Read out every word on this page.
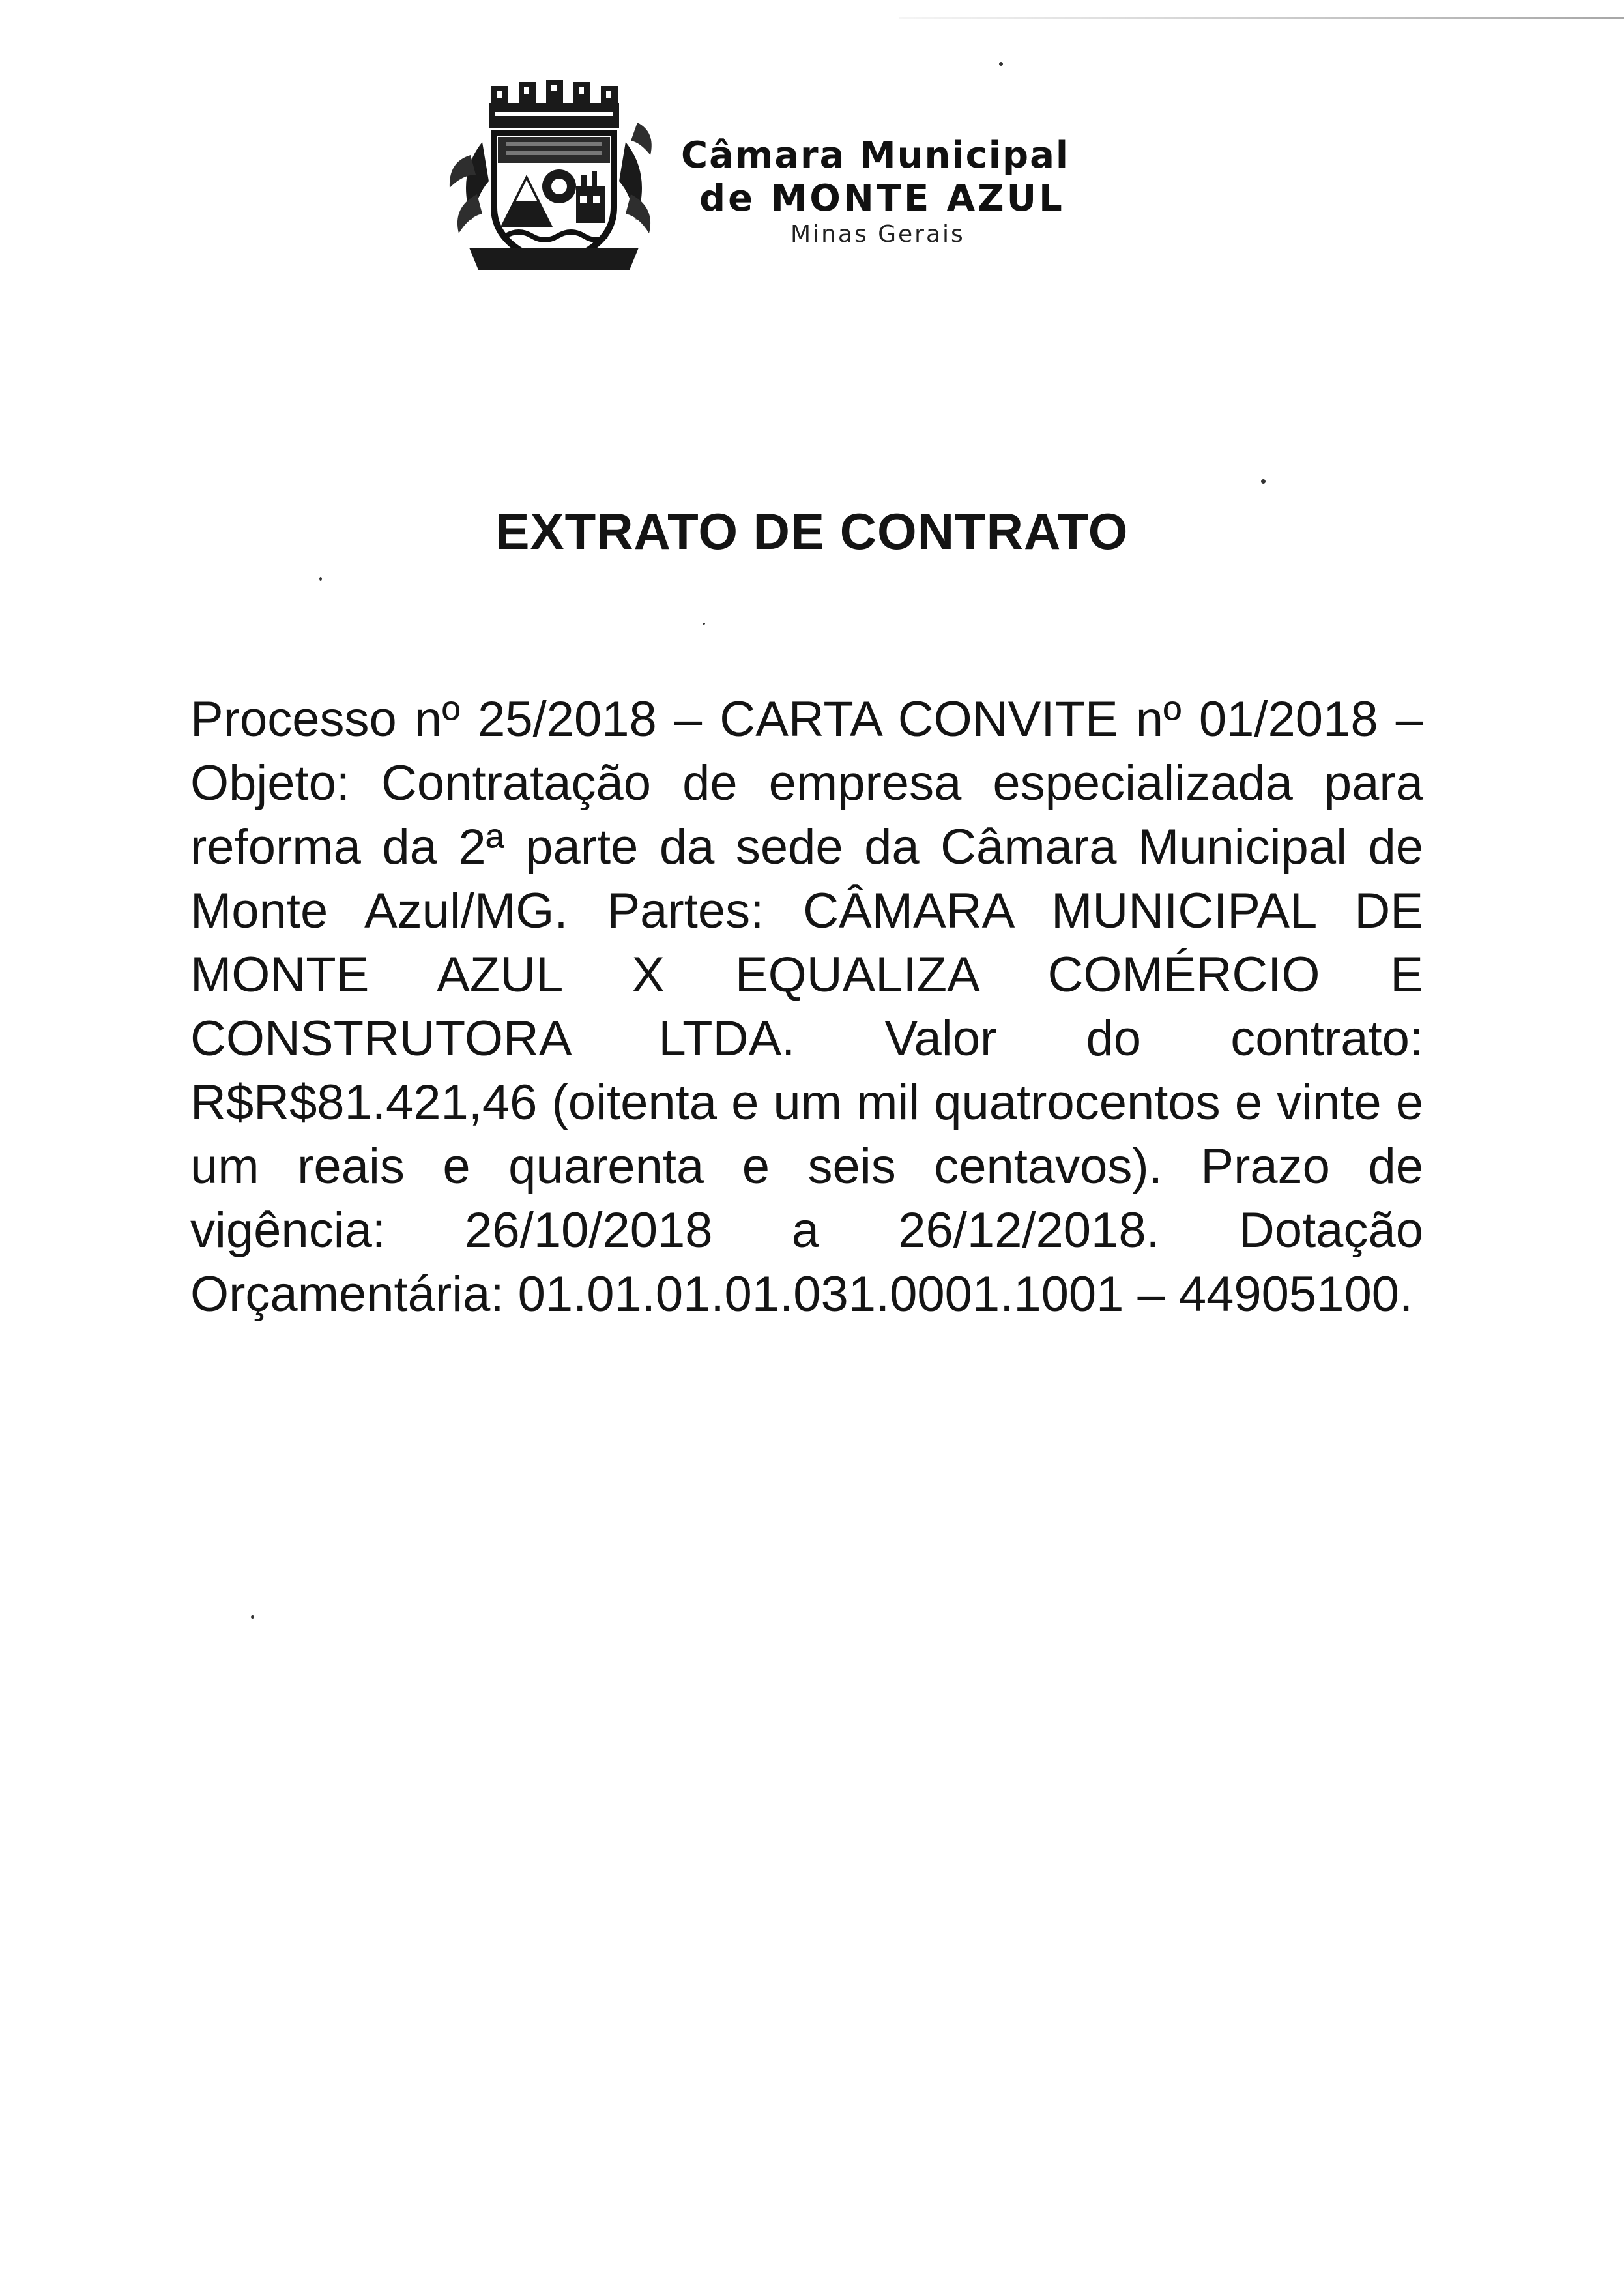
Câmara Municipal
de MONTE AZUL
Minas Gerais
EXTRATO DE CONTRATO

Processo nº 25/2018 – CARTA CONVITE nº 01/2018 – Objeto: Contratação de empresa especializada para reforma da 2ª parte da sede da Câmara Municipal de Monte Azul/MG. Partes: CÂMARA MUNICIPAL DE MONTE AZUL X EQUALIZA COMÉRCIO E CONSTRUTORA LTDA. Valor do contrato: R$R$81.421,46 (oitenta e um mil quatrocentos e vinte e um reais e quarenta e seis centavos). Prazo de vigência: 26/10/2018 a 26/12/2018. Dotação Orçamentária: 01.01.01.01.031.0001.1001 – 44905100.
